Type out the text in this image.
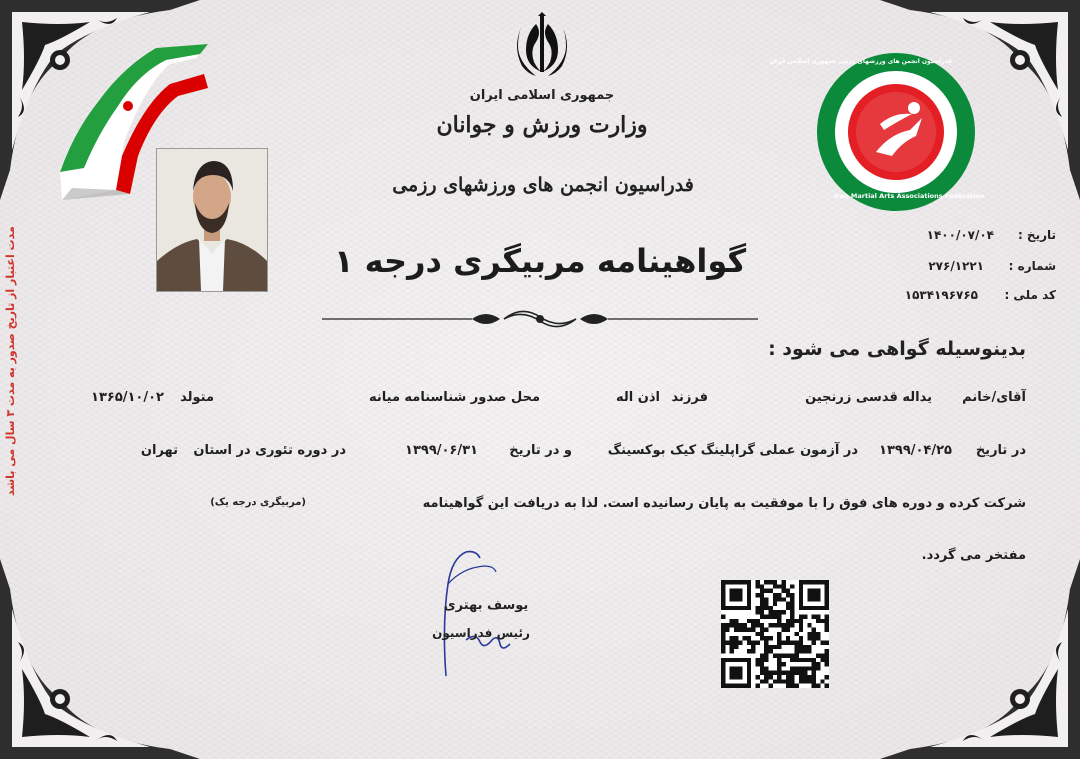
مدت اعتبار از تاریخ صدور به مدت ۳ سال می باشد
جمهوری اسلامی ایران
وزارت ورزش و جوانان
فدراسیون انجمن های ورزشهای رزمی
فدراسیون انجمن های ورزشهای رزمی جمهوری اسلامی ایران
Iran Martial Arts Associations Federation
تاریخ :
۱۴۰۰/۰۷/۰۴
شماره :
۲۷۶/۱۲۲۱
کد ملی :
۱۵۳۴۱۹۶۷۶۵
گواهینامه مربیگری درجه ۱
بدینوسیله گواهی می شود :
آقای/خانم
یداله قدسی زرنجین
فرزند
اذن اله
محل صدور شناسنامه
میانه
متولد
۱۳۶۵/۱۰/۰۲
در تاریخ
۱۳۹۹/۰۴/۲۵
در آزمون عملی گراپلینگ کیک بوکسینگ
و در تاریخ
۱۳۹۹/۰۶/۳۱
در دوره تئوری در استان
تهران
شرکت کرده و دوره های فوق را با موفقیت به پایان رسانیده است. لذا به دریافت این گواهینامه
(مربیگری درجه یک)
مفتخر می گردد.
یوسف بهتری
رئیس فدراسیون
